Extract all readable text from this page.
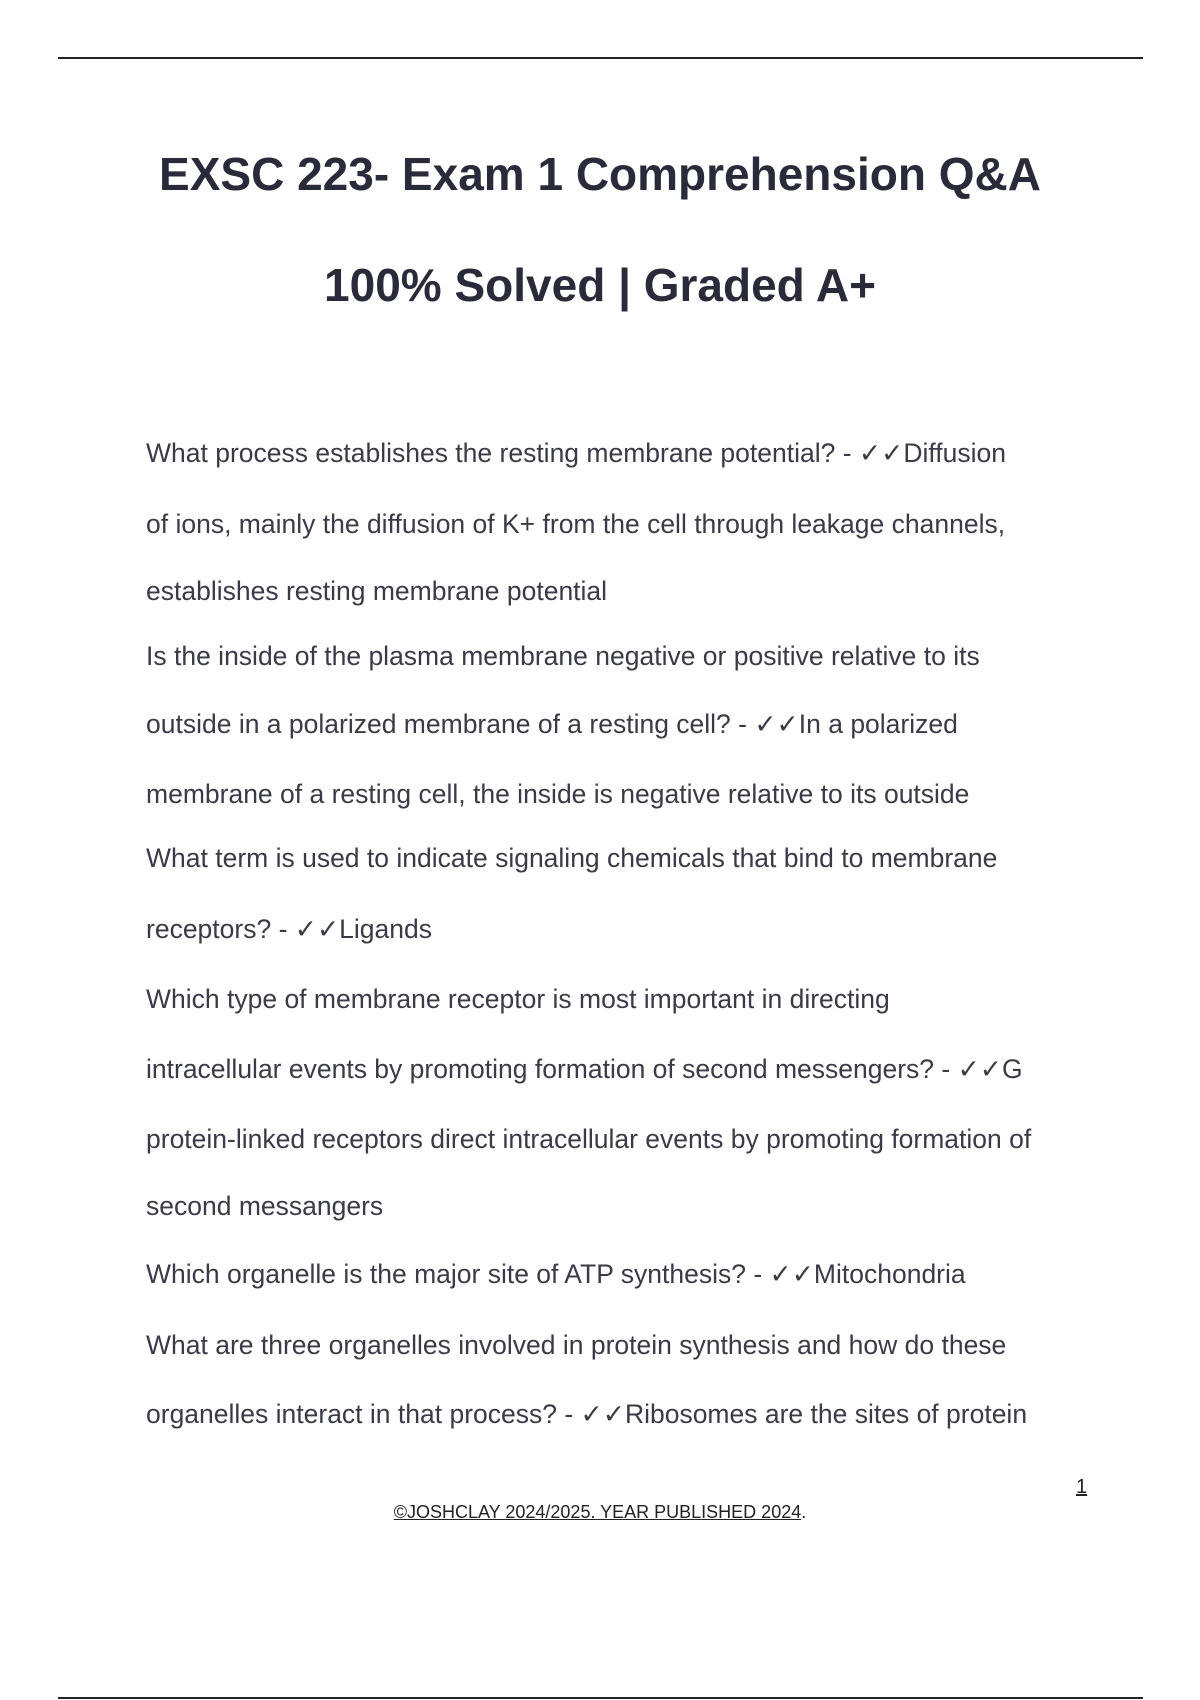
EXSC 223- Exam 1 Comprehension Q&A
100% Solved | Graded A+
What process establishes the resting membrane potential? - ✓✓Diffusion
of ions, mainly the diffusion of K+ from the cell through leakage channels,
establishes resting membrane potential
Is the inside of the plasma membrane negative or positive relative to its
outside in a polarized membrane of a resting cell? - ✓✓In a polarized
membrane of a resting cell, the inside is negative relative to its outside
What term is used to indicate signaling chemicals that bind to membrane
receptors? - ✓✓Ligands
Which type of membrane receptor is most important in directing
intracellular events by promoting formation of second messengers? - ✓✓G
protein-linked receptors direct intracellular events by promoting formation of
second messangers
Which organelle is the major site of ATP synthesis? - ✓✓Mitochondria
What are three organelles involved in protein synthesis and how do these
organelles interact in that process? - ✓✓Ribosomes are the sites of protein
1
©JOSHCLAY 2024/2025. YEAR PUBLISHED 2024.
